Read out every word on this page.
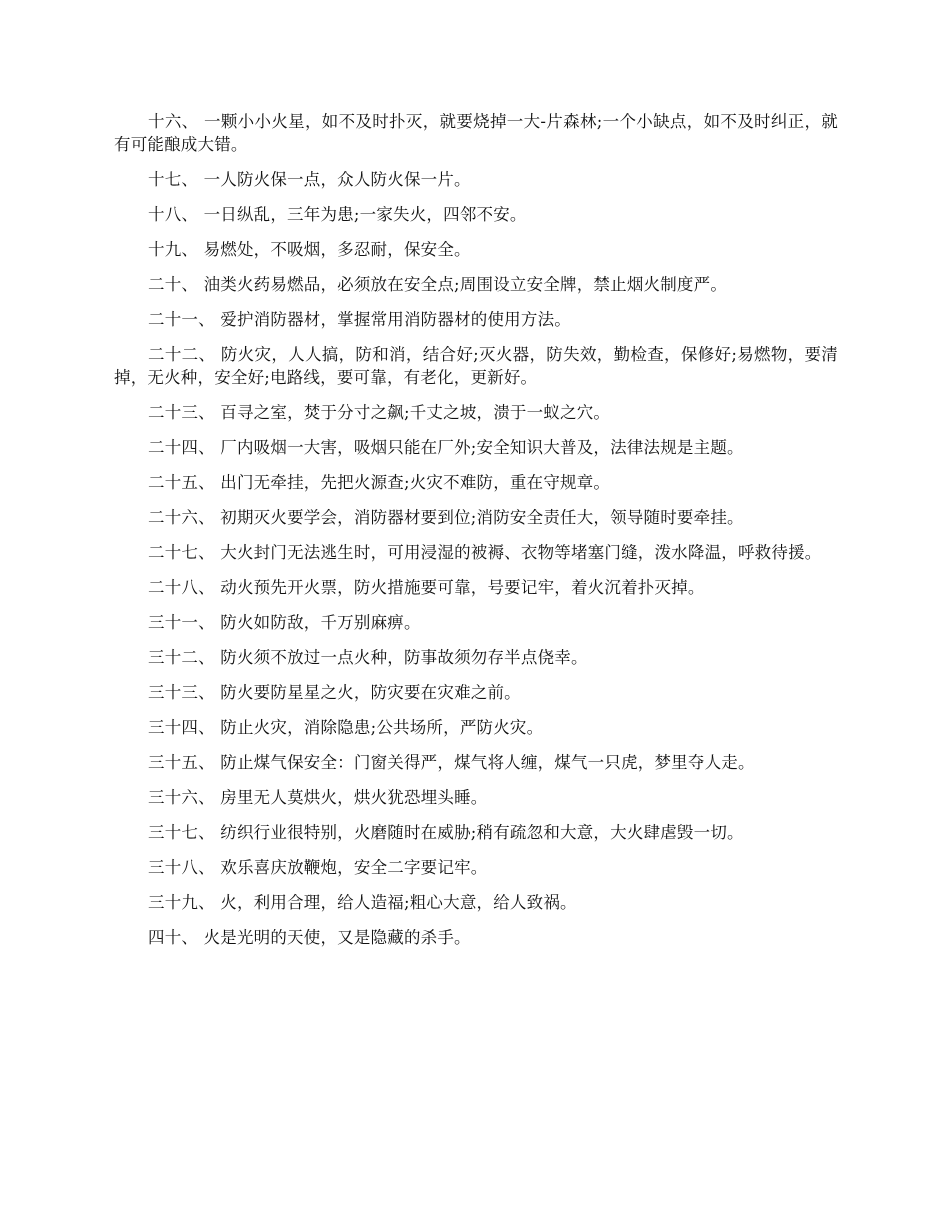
十六、 一颗小小火星，如不及时扑灭，就要烧掉一大-片森林;一个小缺点，如不及时纠正，就有可能酿成大错。

十七、 一人防火保一点，众人防火保一片。

十八、 一日纵乱，三年为患;一家失火，四邻不安。

十九、 易燃处，不吸烟，多忍耐，保安全。

二十、 油类火药易燃品，必须放在安全点;周围设立安全牌，禁止烟火制度严。

二十一、 爱护消防器材，掌握常用消防器材的使用方法。

二十二、 防火灾，人人搞，防和消，结合好;灭火器，防失效，勤检查，保修好;易燃物，要清掉，无火种，安全好;电路线，要可靠，有老化，更新好。

二十三、 百寻之室，焚于分寸之飙;千丈之坡，溃于一蚁之穴。

二十四、 厂内吸烟一大害，吸烟只能在厂外;安全知识大普及，法律法规是主题。

二十五、 出门无牵挂，先把火源查;火灾不难防，重在守规章。

二十六、 初期灭火要学会，消防器材要到位;消防安全责任大，领导随时要牵挂。

二十七、 大火封门无法逃生时，可用浸湿的被褥、衣物等堵塞门缝，泼水降温，呼救待援。

二十八、 动火预先开火票，防火措施要可靠，号要记牢，着火沉着扑灭掉。

三十一、 防火如防敌，千万别麻痹。

三十二、 防火须不放过一点火种，防事故须勿存半点侥幸。

三十三、 防火要防星星之火，防灾要在灾难之前。

三十四、 防止火灾，消除隐患;公共场所，严防火灾。

三十五、 防止煤气保安全：门窗关得严，煤气将人缠，煤气一只虎，梦里夺人走。

三十六、 房里无人莫烘火，烘火犹恐埋头睡。

三十七、 纺织行业很特别，火磨随时在威胁;稍有疏忽和大意，大火肆虐毁一切。

三十八、 欢乐喜庆放鞭炮，安全二字要记牢。

三十九、 火，利用合理，给人造福;粗心大意，给人致祸。

四十、 火是光明的天使，又是隐藏的杀手。
